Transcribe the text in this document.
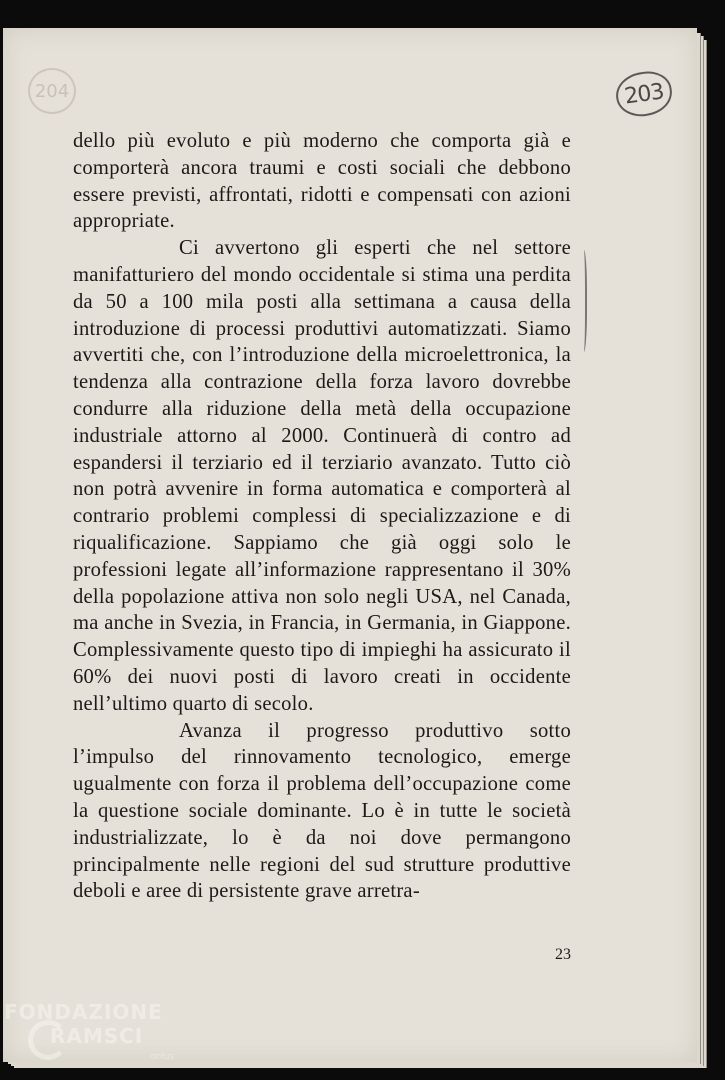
204	203

dello più evoluto e più moderno che comporta già e comporterà ancora traumi e costi sociali che debbono essere previsti, affrontati, ridotti e compensati con azioni appropriate.

Ci avvertono gli esperti che nel settore manifatturiero del mondo occidentale si stima una perdita da 50 a 100 mila posti alla settimana a causa della introduzione di processi produttivi automatizzati. Siamo avvertiti che, con l’introduzione della microelettronica, la tendenza alla contrazione della forza lavoro dovrebbe condurre alla riduzione della metà della occupazione industriale attorno al 2000. Continuerà di contro ad espandersi il terziario ed il terziario avanzato. Tutto ciò non potrà avvenire in forma automatica e comporterà al contrario problemi complessi di specializzazione e di riqualificazione. Sappiamo che già oggi solo le professioni legate all’informazione rappresentano il 30% della popolazione attiva non solo negli USA, nel Canada, ma anche in Svezia, in Francia, in Germania, in Giappone. Complessivamente questo tipo di impieghi ha assicurato il 60% dei nuovi posti di lavoro creati in occidente nell’ultimo quarto di secolo.

Avanza il progresso produttivo sotto l’impulso del rinnovamento tecnologico, emerge ugualmente con forza il problema dell’occupazione come la questione sociale dominante. Lo è in tutte le società industrializzate, lo è da noi dove permangono principalmente nelle regioni del sud strutture produttive deboli e aree di persistente grave arretra-

23
FONDAZIONE
RAMSCI
onlus
